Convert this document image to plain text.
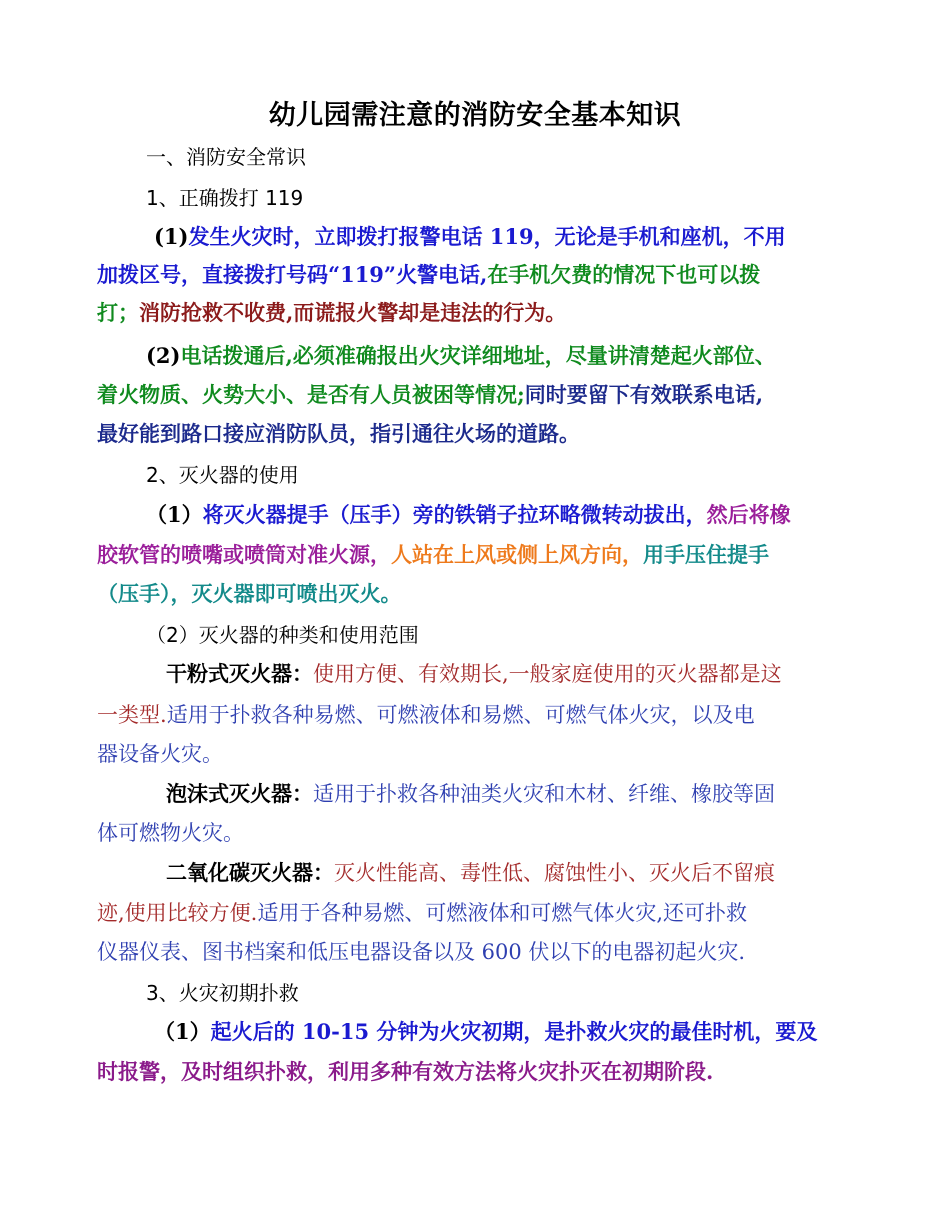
幼儿园需注意的消防安全基本知识
一、消防安全常识
1、正确拨打 119
(1)发生火灾时，立即拨打报警电话 119，无论是手机和座机，不用
加拨区号，直接拨打号码“119”火警电话,在手机欠费的情况下也可以拨
打；消防抢救不收费,而谎报火警却是违法的行为。
(2)电话拨通后,必须准确报出火灾详细地址，尽量讲清楚起火部位、
着火物质、火势大小、是否有人员被困等情况;同时要留下有效联系电话,
最好能到路口接应消防队员，指引通往火场的道路。
2、灭火器的使用
（1）将灭火器提手（压手）旁的铁销子拉环略微转动拔出，然后将橡
胶软管的喷嘴或喷筒对准火源，人站在上风或侧上风方向，用手压住提手
（压手），灭火器即可喷出灭火。
（2）灭火器的种类和使用范围
干粉式灭火器：使用方便、有效期长,一般家庭使用的灭火器都是这
一类型.适用于扑救各种易燃、可燃液体和易燃、可燃气体火灾，以及电
器设备火灾。
泡沫式灭火器：适用于扑救各种油类火灾和木材、纤维、橡胶等固
体可燃物火灾。
二氧化碳灭火器：灭火性能高、毒性低、腐蚀性小、灭火后不留痕
迹,使用比较方便.适用于各种易燃、可燃液体和可燃气体火灾,还可扑救
仪器仪表、图书档案和低压电器设备以及 600 伏以下的电器初起火灾.
3、火灾初期扑救
（1）起火后的 10-15 分钟为火灾初期，是扑救火灾的最佳时机，要及
时报警，及时组织扑救，利用多种有效方法将火灾扑灭在初期阶段.
